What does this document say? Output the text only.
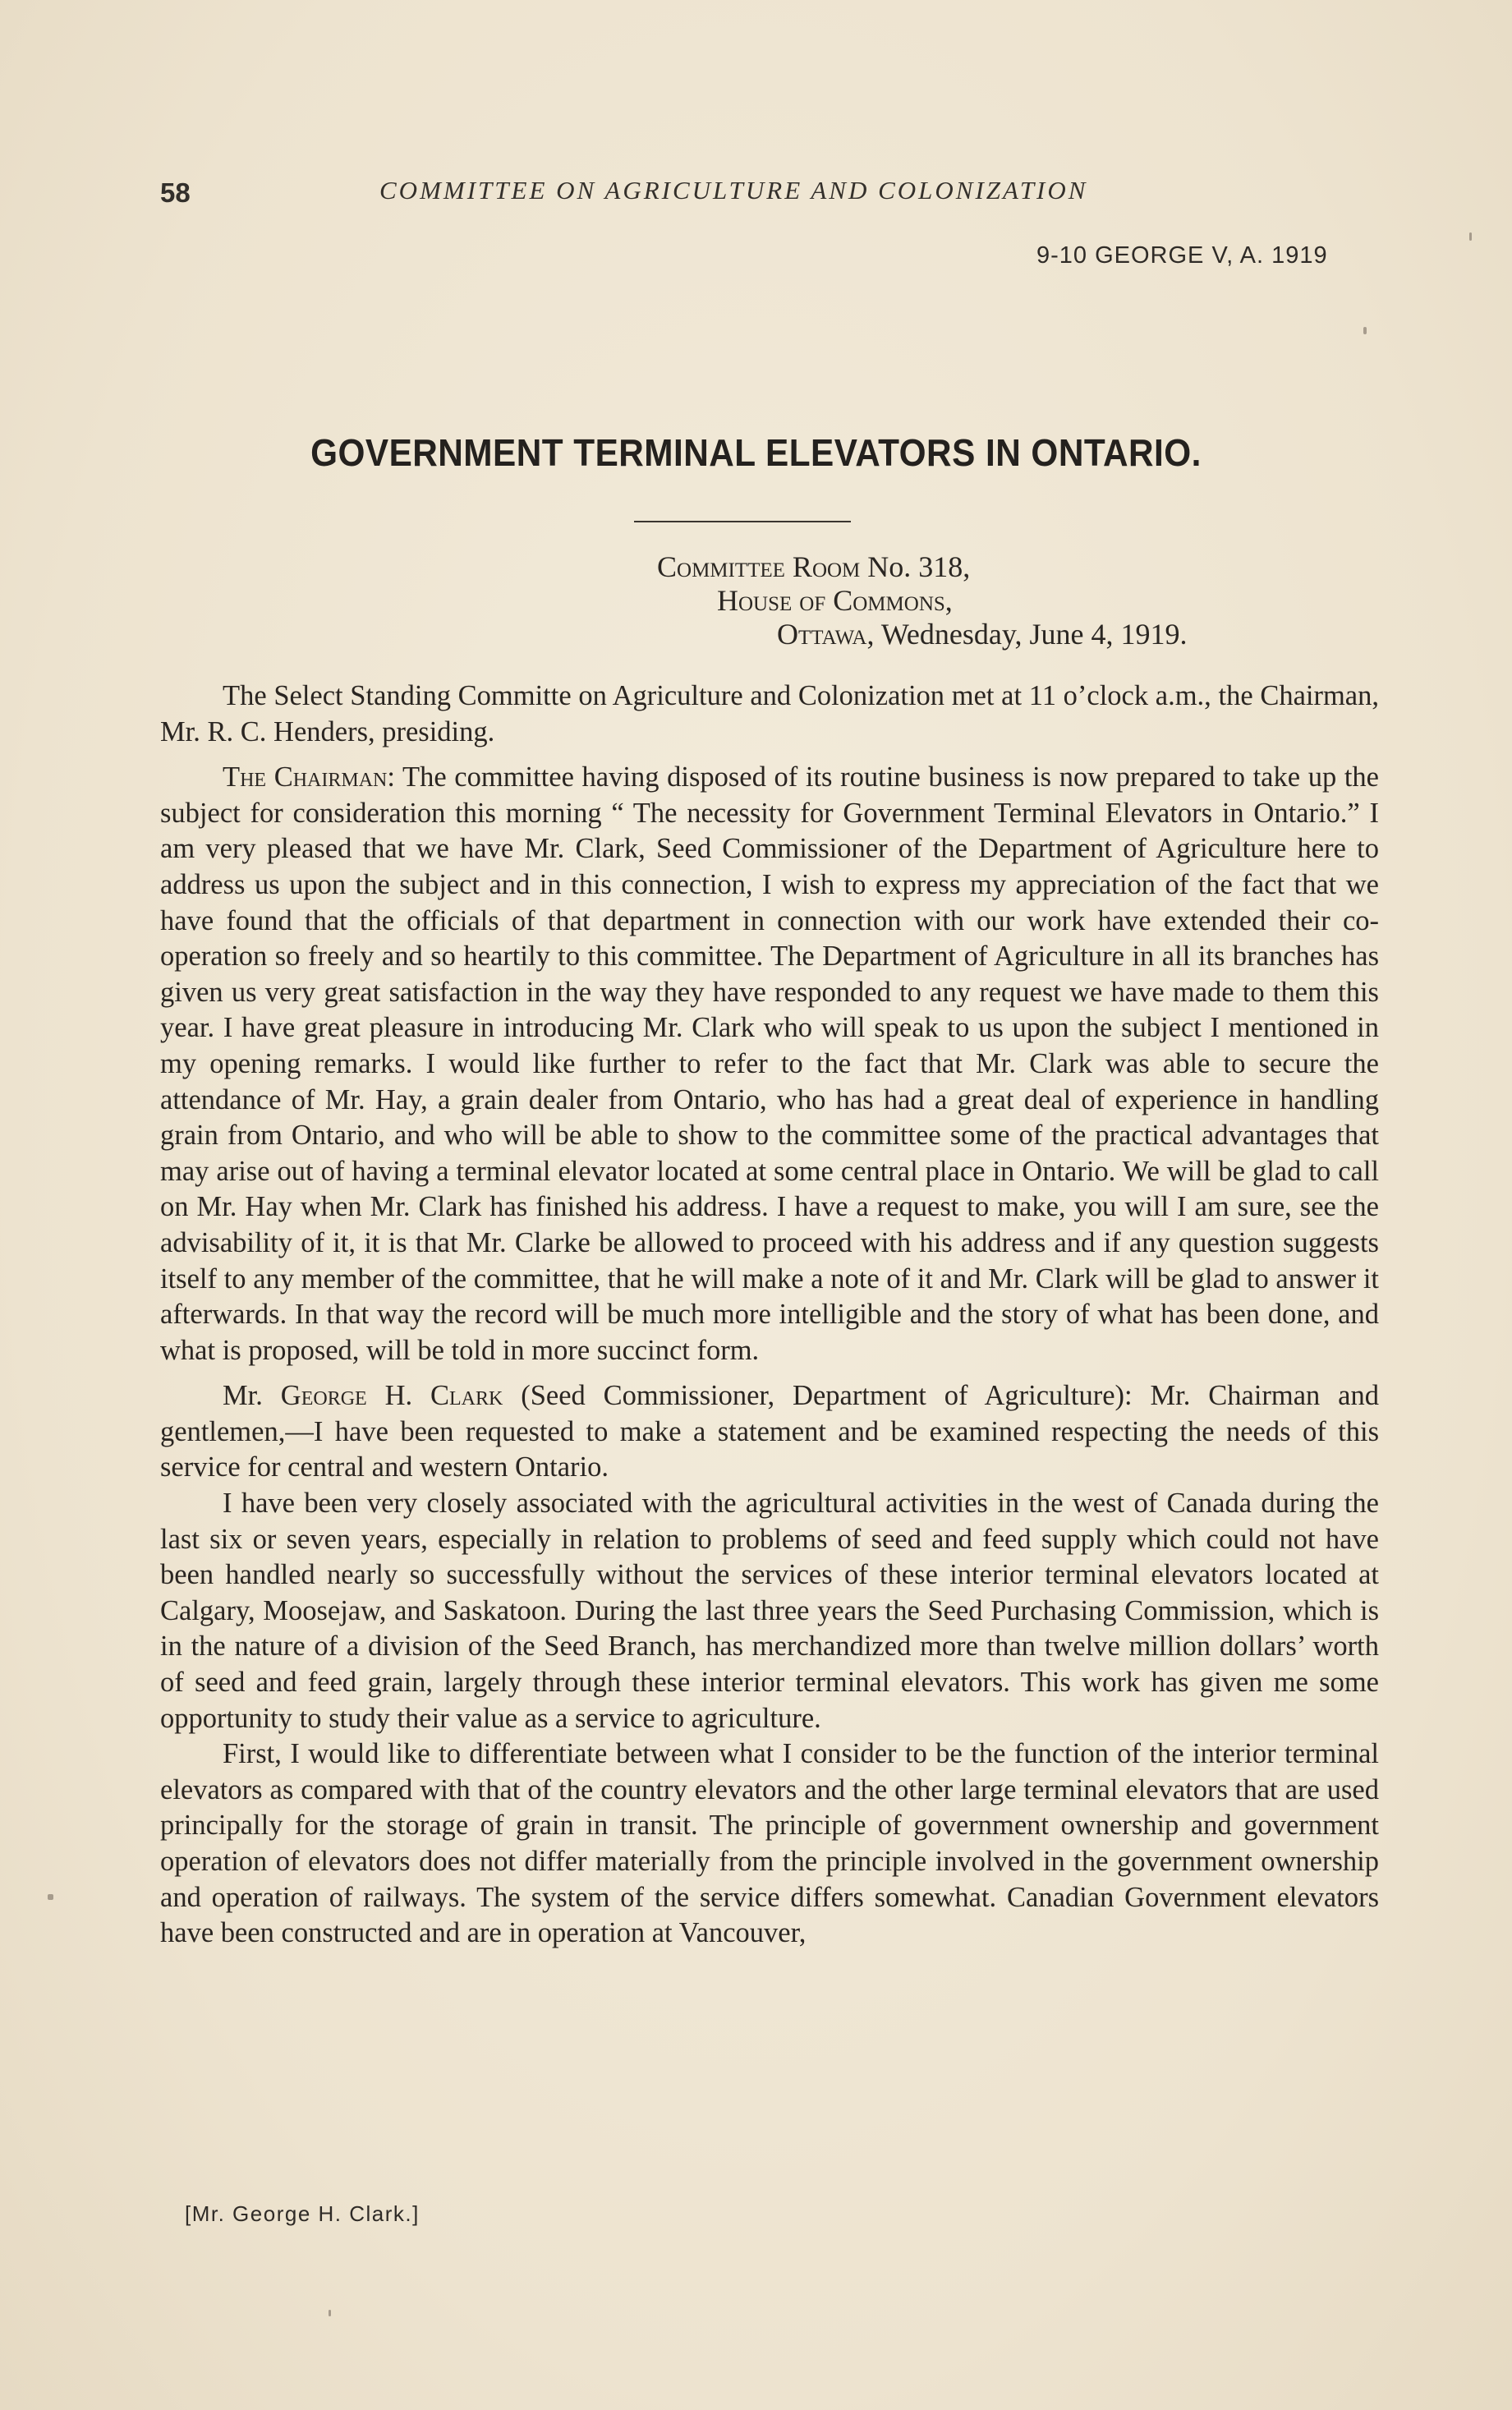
58	COMMITTEE ON AGRICULTURE AND COLONIZATION
9-10 GEORGE V, A. 1919
GOVERNMENT TERMINAL ELEVATORS IN ONTARIO.
Committee Room No. 318,
House of Commons,
Ottawa, Wednesday, June 4, 1919.

The Select Standing Committe on Agriculture and Colonization met at 11 o’clock a.m., the Chairman, Mr. R. C. Henders, presiding.

The Chairman: The committee having disposed of its routine business is now prepared to take up the subject for consideration this morning “ The necessity for Government Terminal Elevators in Ontario.” I am very pleased that we have Mr. Clark, Seed Commissioner of the Department of Agriculture here to address us upon the subject and in this connection, I wish to express my appreciation of the fact that we have found that the officials of that department in connection with our work have extended their co-operation so freely and so heartily to this committee. The Department of Agriculture in all its branches has given us very great satisfaction in the way they have responded to any request we have made to them this year. I have great pleasure in introducing Mr. Clark who will speak to us upon the subject I mentioned in my opening remarks. I would like further to refer to the fact that Mr. Clark was able to secure the attendance of Mr. Hay, a grain dealer from Ontario, who has had a great deal of experience in handling grain from Ontario, and who will be able to show to the committee some of the practical advantages that may arise out of having a terminal elevator located at some central place in Ontario. We will be glad to call on Mr. Hay when Mr. Clark has finished his address. I have a request to make, you will I am sure, see the advisability of it, it is that Mr. Clarke be allowed to proceed with his address and if any question suggests itself to any member of the committee, that he will make a note of it and Mr. Clark will be glad to answer it afterwards. In that way the record will be much more intelligible and the story of what has been done, and what is proposed, will be told in more succinct form.

Mr. George H. Clark (Seed Commissioner, Department of Agriculture): Mr. Chairman and gentlemen,—I have been requested to make a statement and be examined respecting the needs of this service for central and western Ontario.

I have been very closely associated with the agricultural activities in the west of Canada during the last six or seven years, especially in relation to problems of seed and feed supply which could not have been handled nearly so successfully without the services of these interior terminal elevators located at Calgary, Moosejaw, and Saskatoon. During the last three years the Seed Purchasing Commission, which is in the nature of a division of the Seed Branch, has merchandized more than twelve million dollars’ worth of seed and feed grain, largely through these interior terminal elevators. This work has given me some opportunity to study their value as a service to agriculture.

First, I would like to differentiate between what I consider to be the function of the interior terminal elevators as compared with that of the country elevators and the other large terminal elevators that are used principally for the storage of grain in transit. The principle of government ownership and government operation of elevators does not differ materially from the principle involved in the government ownership and operation of railways. The system of the service differs somewhat. Canadian Government elevators have been constructed and are in operation at Vancouver,

[Mr. George H. Clark.]
